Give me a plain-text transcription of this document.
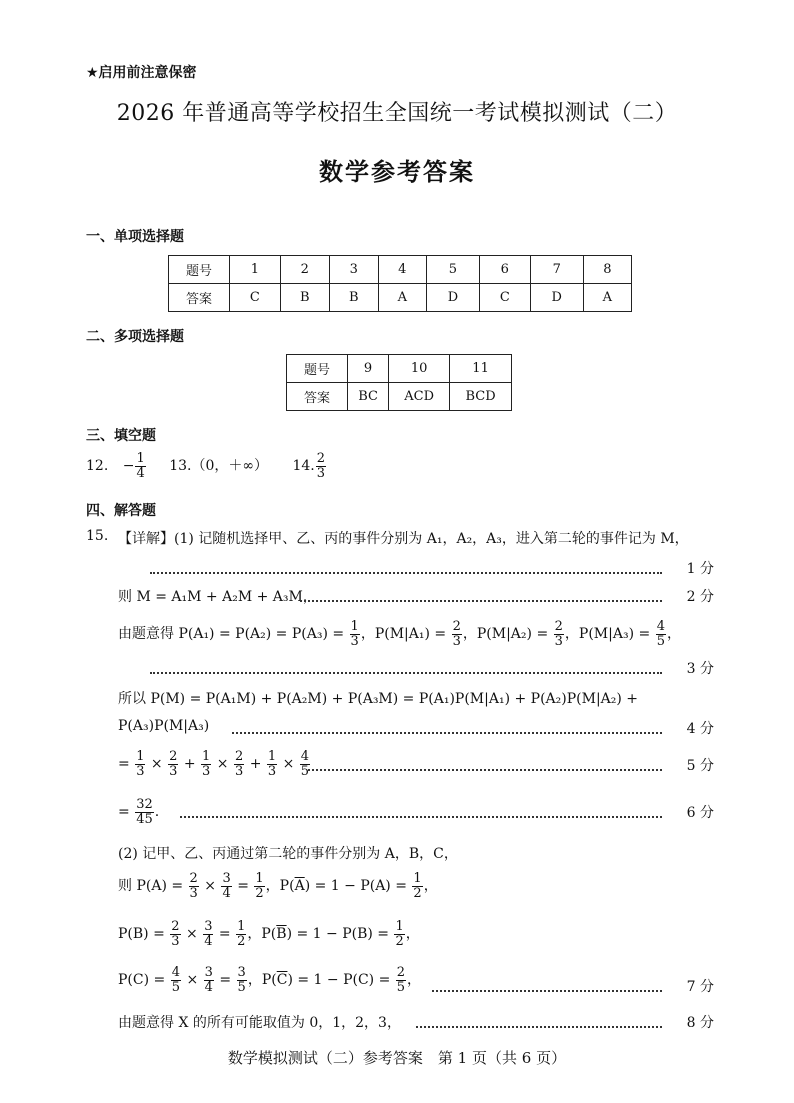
★启用前注意保密
2026 年普通高等学校招生全国统一考试模拟测试（二）
数学参考答案
一、单项选择题
题号	1	2	3	4	5	6	7	8
答案	C	B	B	A	D	C	D	A
二、多项选择题
题号	9	10	11
答案	BC	ACD	BCD
三、填空题
12. − $\frac{1}{4} 13.(0$，＋∞） 14. $\frac{2}{3}$
四、解答题
15. 【详解】(1) 记随机选择甲、乙、丙的事件分别为 A₁，A₂，A₃，进入第二轮的事件记为 M，
1 分
则 M = A₁M + A₂M + A₃M，	2 分
由题意得 $P(A_1) = P(A_2) = P(A_3) = \frac{1}{3}$ ，$P(M|A_1) = \frac{2}{3}$ ，$P(M|A_2) = \frac{2}{3}$ ，$P(M|A_3) = \frac{4}{5}$ ，
3 分
所以 P(M) = P(A₁M) + P(A₂M) + P(A₃M) = P(A₁)P(M|A₁) + P(A₂)P(M|A₂) +
P(A₃)P(M|A₃)	4 分
= $\frac{1}{3} \times \frac{2}{3} + \frac{1}{3} \times \frac{2}{3} + \frac{1}{3} \times \frac{4}{5}$	5 分
= $\frac{32}{45}$ .	6 分
(2) 记甲、乙、丙通过第二轮的事件分别为 A，B，C，
则 $P(A) = \frac{2}{3} \times \frac{3}{4} = \frac{1}{2}$ ，$P(\overline{A}) = 1 - P(A) = \frac{1}{2}$ ，
$P(B) = \frac{2}{3} \times \frac{3}{4} = \frac{1}{2}$ ，$P(\overline{B}) = 1 - P(B) = \frac{1}{2}$ ，
$P(C) = \frac{4}{5} \times \frac{3}{4} = \frac{3}{5}$ ，$P(\overline{C}) = 1 - P(C) = \frac{2}{5}$ ，	7 分
由题意得 X 的所有可能取值为 0，1，2，3，	8 分
数学模拟测试（二）参考答案　第 1 页（共 6 页）
